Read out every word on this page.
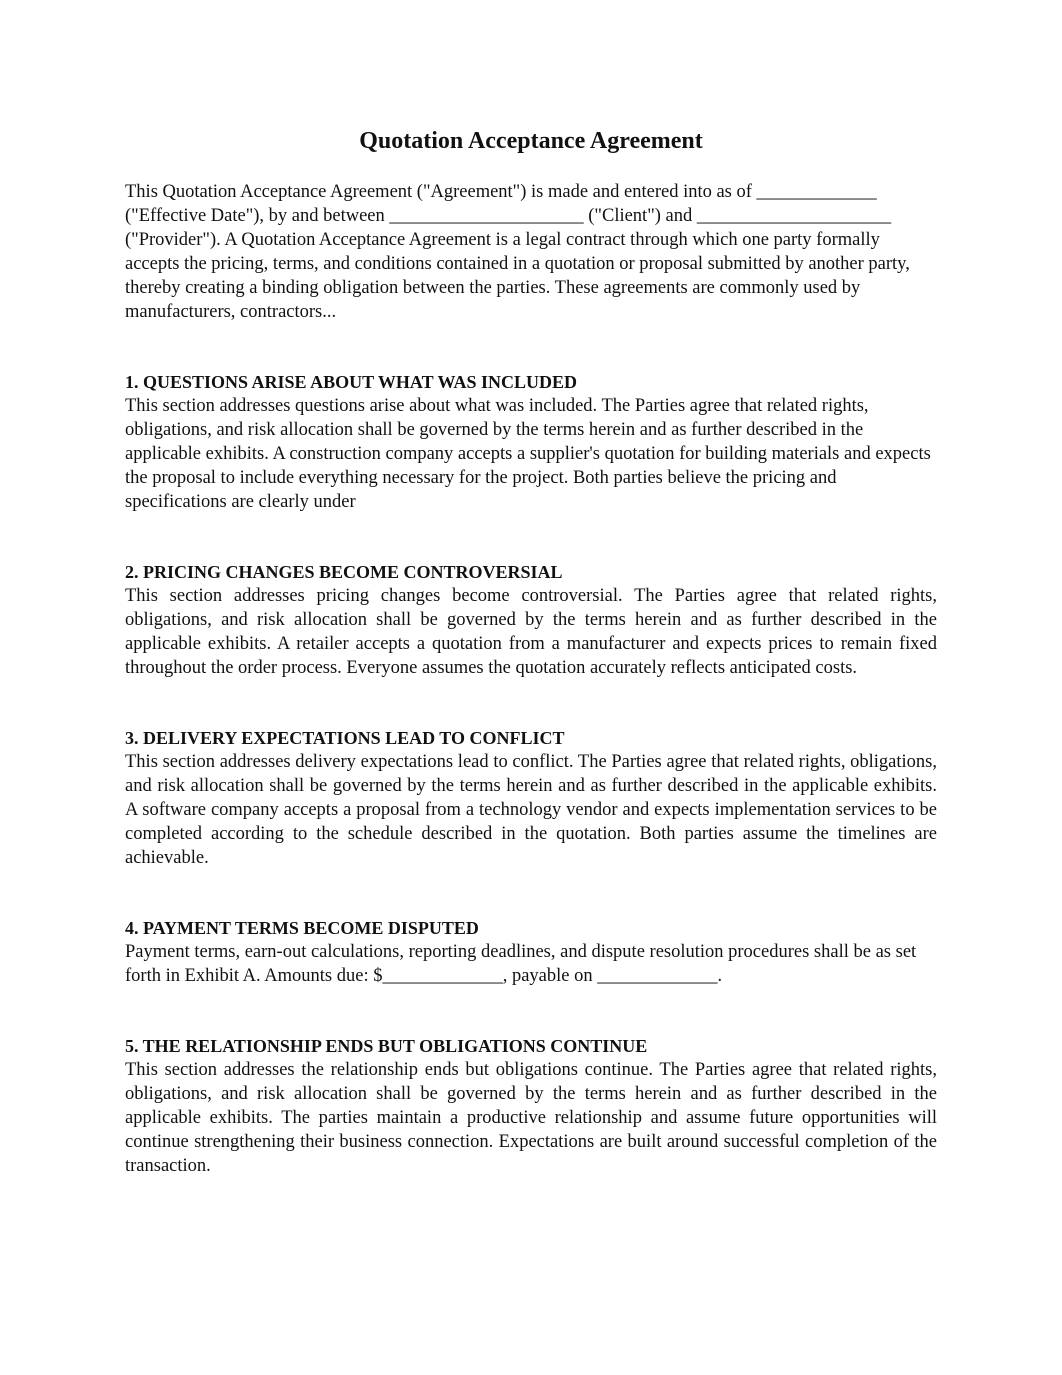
Quotation Acceptance Agreement

This Quotation Acceptance Agreement ("Agreement") is made and entered into as of _____________ ("Effective Date"), by and between _____________________ ("Client") and _____________________ ("Provider"). A Quotation Acceptance Agreement is a legal contract through which one party formally accepts the pricing, terms, and conditions contained in a quotation or proposal submitted by another party, thereby creating a binding obligation between the parties. These agreements are commonly used by manufacturers, contractors...

1. QUESTIONS ARISE ABOUT WHAT WAS INCLUDED

This section addresses questions arise about what was included. The Parties agree that related rights, obligations, and risk allocation shall be governed by the terms herein and as further described in the applicable exhibits. A construction company accepts a supplier's quotation for building materials and expects the proposal to include everything necessary for the project. Both parties believe the pricing and specifications are clearly under

2. PRICING CHANGES BECOME CONTROVERSIAL

This section addresses pricing changes become controversial. The Parties agree that related rights, obligations, and risk allocation shall be governed by the terms herein and as further described in the applicable exhibits. A retailer accepts a quotation from a manufacturer and expects prices to remain fixed throughout the order process. Everyone assumes the quotation accurately reflects anticipated costs.

3. DELIVERY EXPECTATIONS LEAD TO CONFLICT

This section addresses delivery expectations lead to conflict. The Parties agree that related rights, obligations, and risk allocation shall be governed by the terms herein and as further described in the applicable exhibits. A software company accepts a proposal from a technology vendor and expects implementation services to be completed according to the schedule described in the quotation. Both parties assume the timelines are achievable.

4. PAYMENT TERMS BECOME DISPUTED

Payment terms, earn-out calculations, reporting deadlines, and dispute resolution procedures shall be as set forth in Exhibit A. Amounts due: $_____________, payable on _____________.

5. THE RELATIONSHIP ENDS BUT OBLIGATIONS CONTINUE

This section addresses the relationship ends but obligations continue. The Parties agree that related rights, obligations, and risk allocation shall be governed by the terms herein and as further described in the applicable exhibits. The parties maintain a productive relationship and assume future opportunities will continue strengthening their business connection. Expectations are built around successful completion of the transaction.
